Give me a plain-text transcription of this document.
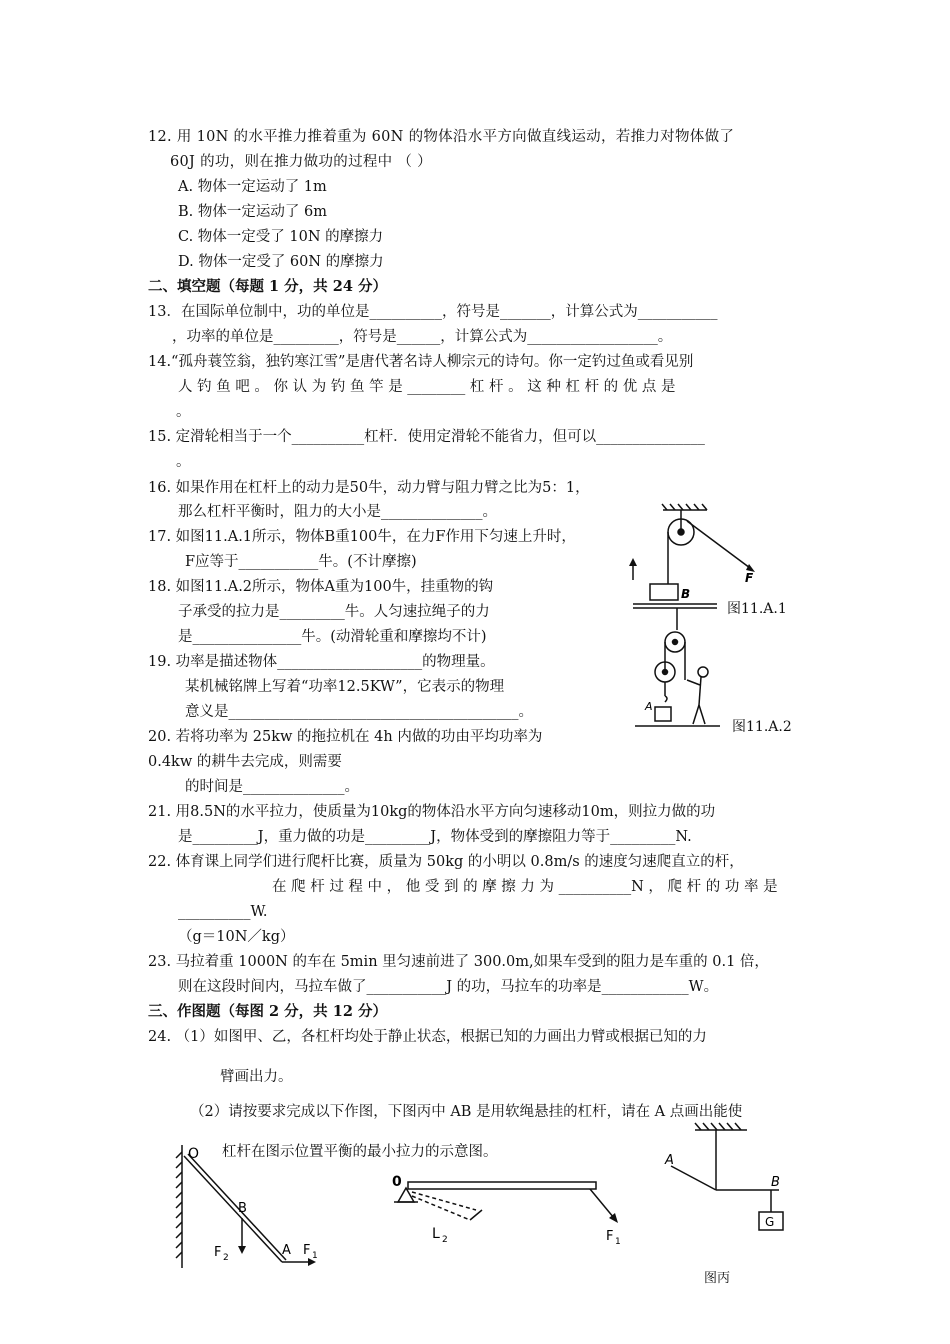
12. 用 10N 的水平推力推着重为 60N 的物体沿水平方向做直线运动，若推力对物体做了
60J 的功，则在推力做功的过程中 （ ）
A. 物体一定运动了 1m
B. 物体一定运动了 6m
C. 物体一定受了 10N 的摩擦力
D. 物体一定受了 60N 的摩擦力
二、填空题（每题 1 分，共 24 分）
13．在国际单位制中，功的单位是__________，符号是_______，计算公式为___________
，功率的单位是_________，符号是______，计算公式为__________________。
14.“孤舟蓑笠翁，独钓寒江雪”是唐代著名诗人柳宗元的诗句。你一定钓过鱼或看见别
人 钓 鱼 吧 。 你 认 为 钓 鱼 竿 是 ________ 杠 杆 。 这 种 杠 杆 的 优 点 是
。
15. 定滑轮相当于一个__________杠杆．使用定滑轮不能省力，但可以_______________
。
16. 如果作用在杠杆上的动力是50牛，动力臂与阻力臂之比为5：1，
那么杠杆平衡时，阻力的大小是______________。
17. 如图11.A.1所示，物体B重100牛，在力F作用下匀速上升时，
F应等于___________牛。(不计摩擦)
18. 如图11.A.2所示，物体A重为100牛，挂重物的钩
子承受的拉力是_________牛。人匀速拉绳子的力
是_______________牛。(动滑轮重和摩擦均不计)
19. 功率是描述物体____________________的物理量。
某机械铭牌上写着“功率12.5KW”，它表示的物理
意义是________________________________________。
20. 若将功率为 25kw 的拖拉机在 4h 内做的功由平均功率为
0.4kw 的耕牛去完成，则需要
的时间是______________。
21. 用8.5N的水平拉力，使质量为10kg的物体沿水平方向匀速移动10m，则拉力做的功
是_________J，重力做的功是_________J，物体受到的摩擦阻力等于_________N.
22. 体育课上同学们进行爬杆比赛，质量为 50kg 的小明以 0.8m/s 的速度匀速爬直立的杆，
在 爬 杆 过 程 中 ， 他 受 到 的 摩 擦 力 为 __________N ， 爬 杆 的 功 率 是
__________W.
（g＝10N／kg）
23. 马拉着重 1000N 的车在 5min 里匀速前进了 300.0m,如果车受到的阻力是车重的 0.1 倍，
则在这段时间内，马拉车做了___________J 的功，马拉车的功率是____________W。
三、作图题（每图 2 分，共 12 分）
24. （1）如图甲、乙，各杠杆均处于静止状态，根据已知的力画出力臂或根据已知的力
臂画出力。
（2）请按要求完成以下作图，下图丙中 AB 是用软绳悬挂的杠杆，请在 A 点画出能使
杠杆在图示位置平衡的最小拉力的示意图。
F
B
A
图11.A.1
图11.A.2
O
B
A F 1
F 2
0
L 2	F 1
A
B
G
图丙
